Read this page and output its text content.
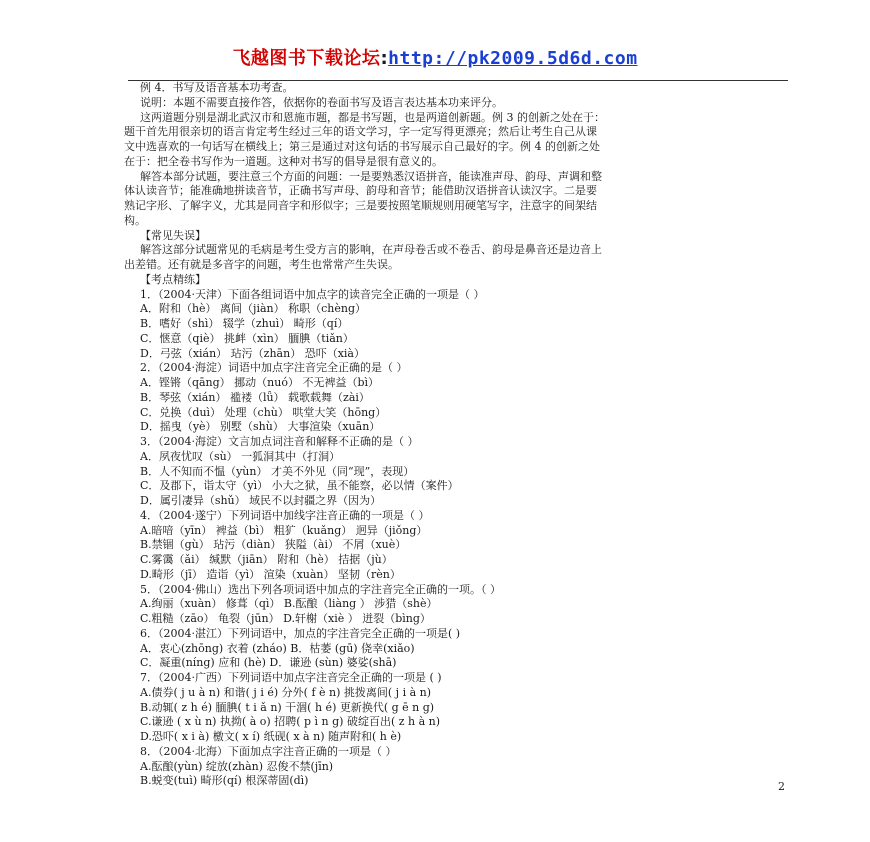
飞越图书下载论坛:http://pk2009.5d6d.com
例 4．书写及语音基本功考查。
说明：本题不需要直接作答，依据你的卷面书写及语言表达基本功来评分。
这两道题分别是湖北武汉市和恩施市题，都是书写题，也是两道创新题。例 3 的创新之处在于：
题干首先用很亲切的语言肯定考生经过三年的语文学习，字一定写得更漂亮；然后让考生自己从课
文中选喜欢的一句话写在横线上；第三是通过对这句话的书写展示自己最好的字。例 4 的创新之处
在于：把全卷书写作为一道题。这种对书写的倡导是很有意义的。
解答本部分试题，要注意三个方面的问题：一是要熟悉汉语拼音，能读准声母、韵母、声调和整
体认读音节；能准确地拼读音节，正确书写声母、韵母和音节；能借助汉语拼音认读汉字。二是要
熟记字形、了解字义，尤其是同音字和形似字；三是要按照笔顺规则用硬笔写字，注意字的间架结
构。
【常见失误】
解答这部分试题常见的毛病是考生受方言的影响，在声母卷舌或不卷舌、韵母是鼻音还是边音上
出差错。还有就是多音字的问题，考生也常常产生失误。
【考点精练】
1．（2004·天津）下面各组词语中加点字的读音完全正确的一项是（ ）
A．附和（hè） 离间（jiàn） 称职（chèng）
B．嗜好（shì） 辍学（zhuì） 畸形（qí）
C．惬意（qiè） 挑衅（xìn） 腼腆（tiǎn）
D．弓弦（xián） 玷污（zhān） 恐吓（xià）
2．（2004·海淀）词语中加点字注音完全正确的是（ ）
A．铿锵（qāng） 挪动（nuó） 不无裨益（bì）
B．琴弦（xián） 褴褛（lǚ） 载歌载舞（zài）
C．兑换（duì） 处理（chù） 哄堂大笑（hōng）
D．摇曳（yè） 别墅（shù） 大事渲染（xuān）
3．（2004·海淀）文言加点词注音和解释不正确的是（ ）
A．夙夜忧叹（sù） 一狐洞其中（打洞）
B．人不知而不愠（yùn） 才美不外见（同“现”，表现）
C．及郡下，诣太守（yì） 小大之狱，虽不能察，必以情（案件）
D．属引凄异（shǔ） 域民不以封疆之界（因为）
4．（2004·遂宁）下列词语中加线字注音正确的一项是（ ）
A.暗喑（yīn） 裨益（bì） 粗犷（kuǎng） 迥异（jiǒng）
B.禁锢（gù） 玷污（diàn） 狭隘（ài） 不屑（xuè）
C.雾霭（ǎi） 缄默（jiān） 附和（hè） 拮据（jù）
D.畸形（jī） 造诣（yì） 渲染（xuàn） 坚韧（rèn）
5．（2004·佛山）选出下列各项词语中加点的字注音完全正确的一项。（ ）
A.绚丽（xuàn） 修葺（qì） B.酝酿（liàng ） 涉猎（shè）
C.粗糙（zāo） 龟裂（jūn） D.轩榭（xiè ） 迸裂（bìng）
6．（2004·湛江）下列词语中，加点的字注音完全正确的一项是( )
A．衷心(zhōng) 衣着 (zháo) B．枯萎 (gū) 侥幸(xiǎo)
C．凝重(níng) 应和 (hè) D．谦逊 (sùn) 婆娑(shā)
7．（2004·广西）下列词语中加点字注音完全正确的一项是 ( )
A.债券( j u à n) 和谐( j i é) 分外( f è n) 挑拨离间( j i à n)
B.动辄( z h é) 腼腆( t i ǎ n) 干涸( h é) 更新换代( g ē n g)
C.谦逊 ( x ù n) 执拗( à o) 招聘( p ì n g) 破绽百出( z h à n)
D.恐吓( x i à) 檄文( x í) 纸砚( x à n) 随声附和( h è)
8．（2004·北海）下面加点字注音正确的一项是（ ）
A.酝酿(yùn) 绽放(zhàn) 忍俊不禁(jīn)
B.蜕变(tuì) 畸形(qí) 根深蒂固(dì)	2
